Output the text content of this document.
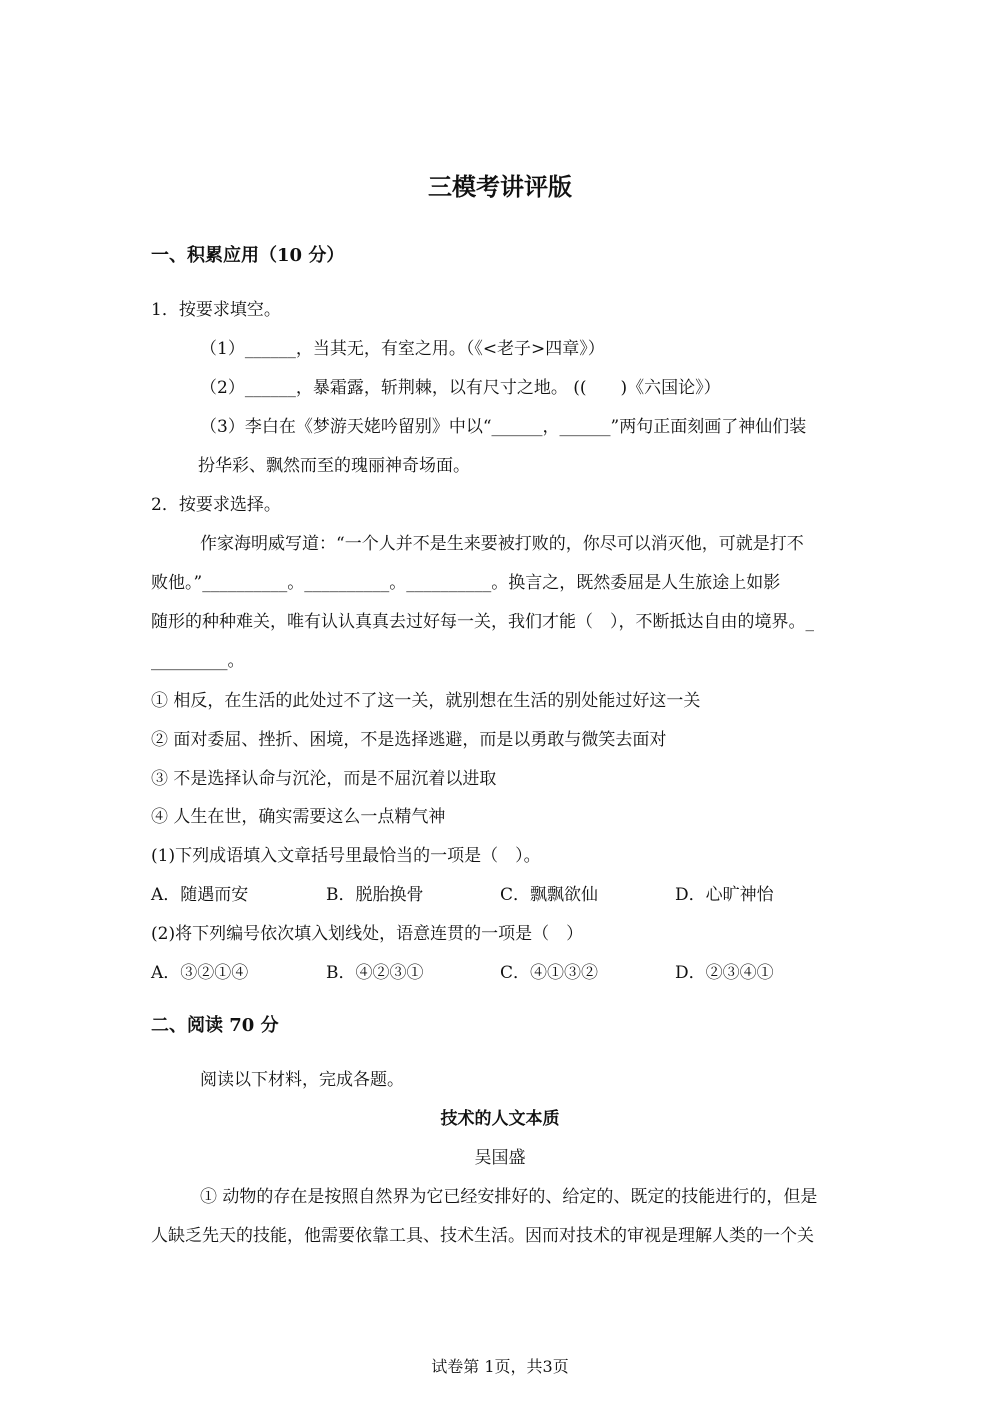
三模考讲评版
一、积累应用（10 分）
1．按要求填空。
（1）______，当其无，有室之用。（《<老子>四章》）
（2）______，暴霜露，斩荆棘，以有尺寸之地。 ((　　)《六国论》）
（3）李白在《梦游天姥吟留别》中以“______，______”两句正面刻画了神仙们装
扮华彩、飘然而至的瑰丽神奇场面。
2．按要求选择。
作家海明威写道：“一个人并不是生来要被打败的，你尽可以消灭他，可就是打不
败他。”__________。__________。__________。换言之，既然委屈是人生旅途上如影
随形的种种难关，唯有认认真真去过好每一关，我们才能（　），不断抵达自由的境界。_
_________。
① 相反，在生活的此处过不了这一关，就别想在生活的别处能过好这一关
② 面对委屈、挫折、困境，不是选择逃避，而是以勇敢与微笑去面对
③ 不是选择认命与沉沦，而是不屈沉着以进取
④ 人生在世，确实需要这么一点精气神
(1)下列成语填入文章括号里最恰当的一项是（　）。
A．随遇而安	B．脱胎换骨	C．飘飘欲仙	D．心旷神怡
(2)将下列编号依次填入划线处，语意连贯的一项是（　）
A．③②①④	B．④②③①	C．④①③②	D．②③④①
二、阅读 70 分
阅读以下材料，完成各题。
技术的人文本质
吴国盛
① 动物的存在是按照自然界为它已经安排好的、给定的、既定的技能进行的，但是
人缺乏先天的技能，他需要依靠工具、技术生活。因而对技术的审视是理解人类的一个关
试卷第 1页，共3页
